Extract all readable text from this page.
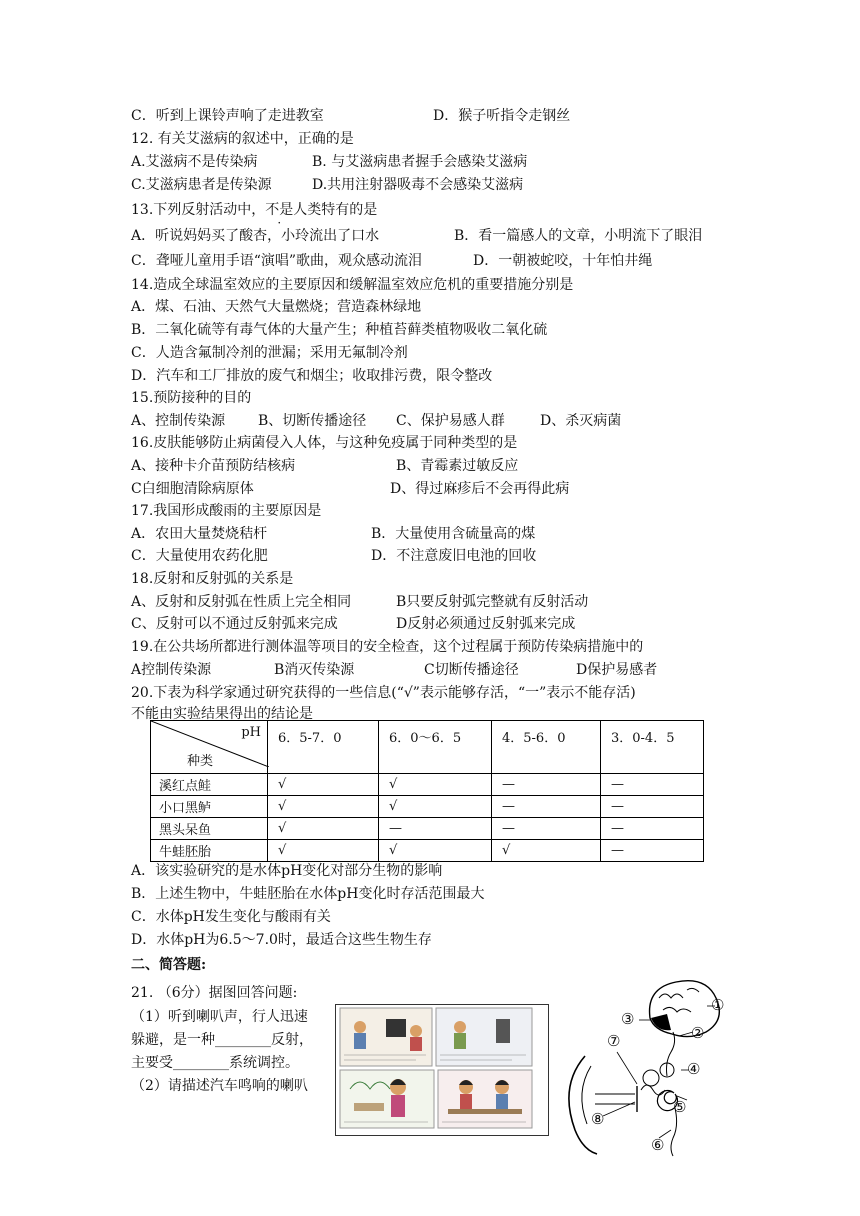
C．听到上课铃声响了走进教室	D．猴子听指令走钢丝
12. 有关艾滋病的叙述中，正确的是
A.艾滋病不是传染病	B. 与艾滋病患者握手会感染艾滋病
C.艾滋病患者是传染源	D.共用注射器吸毒不会感染艾滋病
13.下列反射活动中，不是人类特有的是
A．听说妈妈买了酸杏，小玲流出了口水	B．看一篇感人的文章，小明流下了眼泪
C．聋哑儿童用手语“演唱”歌曲，观众感动流泪	D．一朝被蛇咬，十年怕井绳
14.造成全球温室效应的主要原因和缓解温室效应危机的重要措施分别是
A．煤、石油、天然气大量燃烧；营造森林绿地
B．二氧化硫等有毒气体的大量产生；种植苔藓类植物吸收二氧化硫
C．人造含氟制冷剂的泄漏；采用无氟制冷剂
D．汽车和工厂排放的废气和烟尘；收取排污费，限令整改
15.预防接种的目的
A、控制传染源 B、切断传播途径 C、保护易感人群	D、杀灭病菌
16.皮肤能够防止病菌侵入人体，与这种免疫属于同种类型的是
A、接种卡介苗预防结核病	B、青霉素过敏反应
C白细胞清除病原体	D、得过麻疹后不会再得此病
17.我国形成酸雨的主要原因是
A．农田大量焚烧秸杆	B．大量使用含硫量高的煤
C．大量使用农药化肥	D．不注意废旧电池的回收
18.反射和反射弧的关系是
A、反射和反射弧在性质上完全相同	B只要反射弧完整就有反射活动
C、反射可以不通过反射弧来完成	D反射必须通过反射弧来完成
19.在公共场所都进行测体温等项目的安全检查，这个过程属于预防传染病措施中的
A控制传染源	B消灭传染源	C切断传播途径	D保护易感者
20.下表为科学家通过研究获得的一些信息(“√”表示能够存活，“一”表示不能存活)
不能由实验结果得出的结论是
pH
种类	6．5-7．0	6．0～6．5	4．5-6．0	3．0-4．5
溪红点鲑	√	√	—	—
小口黑鲈	√	√	—	—
黑头呆鱼	√	—	—	—
牛蛙胚胎	√	√	√	—
A．该实验研究的是水体pH变化对部分生物的影响
B．上述生物中，牛蛙胚胎在水体pH变化时存活范围最大
C．水体pH发生变化与酸雨有关
D．水体pH为6.5～7.0时，最适合这些生物生存
二、简答题:
21. （6分）据图回答问题:
（1）听到喇叭声，行人迅速
躲避，是一种________反射，
主要受________系统调控。
（2）请描述汽车鸣响的喇叭
①
②
③
④
⑤
⑥
⑦
⑧
